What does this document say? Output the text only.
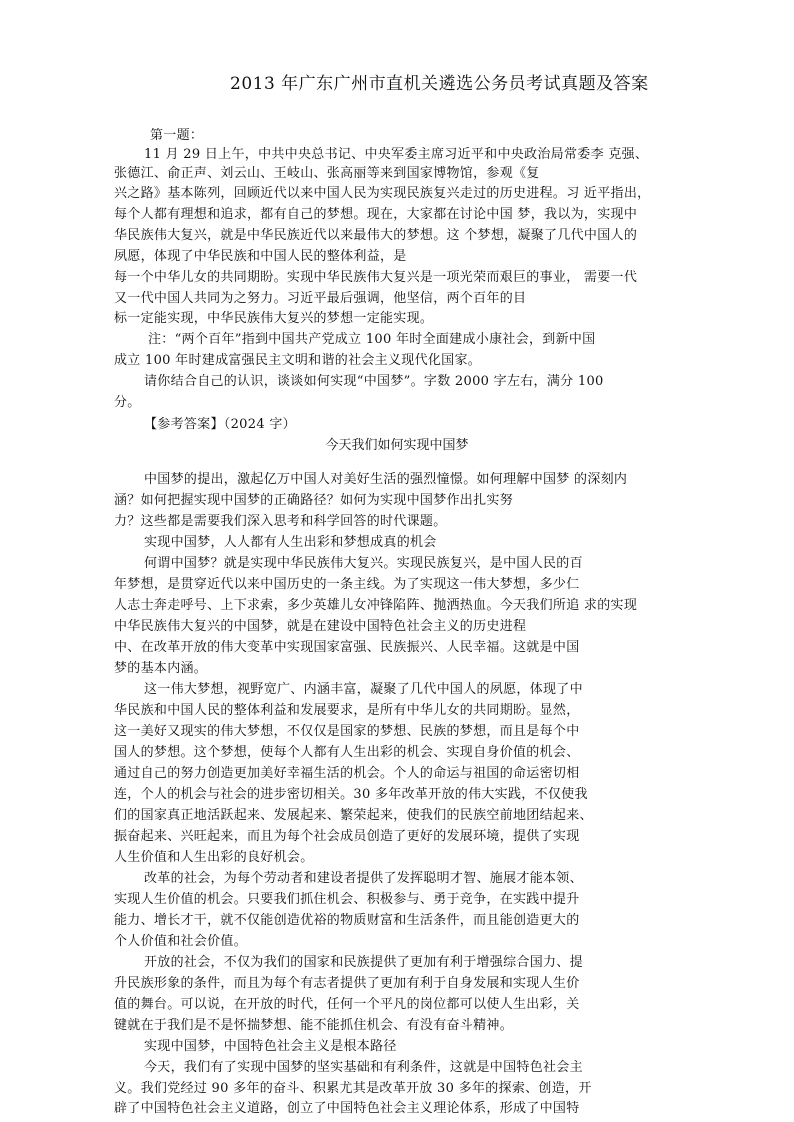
2013 年广东广州市直机关遴选公务员考试真题及答案
第一题：
11 月 29 日上午，中共中央总书记、中央军委主席习近平和中央政治局常委李 克强、
张德江、俞正声、刘云山、王岐山、张高丽等来到国家博物馆，参观《复
兴之路》基本陈列，回顾近代以来中国人民为实现民族复兴走过的历史进程。习 近平指出，
每个人都有理想和追求，都有自己的梦想。现在，大家都在讨论中国 梦，我以为，实现中
华民族伟大复兴，就是中华民族近代以来最伟大的梦想。这 个梦想，凝聚了几代中国人的
夙愿，体现了中华民族和中国人民的整体利益，是
每一个中华儿女的共同期盼。实现中华民族伟大复兴是一项光荣而艰巨的事业， 需要一代
又一代中国人共同为之努力。习近平最后强调，他坚信，两个百年的目
标一定能实现，中华民族伟大复兴的梦想一定能实现。
注：“两个百年”指到中国共产党成立 100 年时全面建成小康社会，到新中国
成立 100 年时建成富强民主文明和谐的社会主义现代化国家。
请你结合自己的认识，谈谈如何实现“中国梦”。字数 2000 字左右，满分 100
分。
【参考答案】（2024 字）
今天我们如何实现中国梦
中国梦的提出，激起亿万中国人对美好生活的强烈憧憬。如何理解中国梦 的深刻内
涵？如何把握实现中国梦的正确路径？如何为实现中国梦作出扎实努
力？这些都是需要我们深入思考和科学回答的时代课题。
实现中国梦，人人都有人生出彩和梦想成真的机会
何谓中国梦？就是实现中华民族伟大复兴。实现民族复兴，是中国人民的百
年梦想，是贯穿近代以来中国历史的一条主线。为了实现这一伟大梦想，多少仁
人志士奔走呼号、上下求索，多少英雄儿女冲锋陷阵、抛洒热血。今天我们所追 求的实现
中华民族伟大复兴的中国梦，就是在建设中国特色社会主义的历史进程
中、在改革开放的伟大变革中实现国家富强、民族振兴、人民幸福。这就是中国
梦的基本内涵。
这一伟大梦想，视野宽广、内涵丰富，凝聚了几代中国人的夙愿，体现了中
华民族和中国人民的整体利益和发展要求，是所有中华儿女的共同期盼。显然，
这一美好又现实的伟大梦想，不仅仅是国家的梦想、民族的梦想，而且是每个中
国人的梦想。这个梦想，使每个人都有人生出彩的机会、实现自身价值的机会、
通过自己的努力创造更加美好幸福生活的机会。个人的命运与祖国的命运密切相
连，个人的机会与社会的进步密切相关。30 多年改革开放的伟大实践，不仅使我
们的国家真正地活跃起来、发展起来、繁荣起来，使我们的民族空前地团结起来、
振奋起来、兴旺起来，而且为每个社会成员创造了更好的发展环境，提供了实现
人生价值和人生出彩的良好机会。
改革的社会，为每个劳动者和建设者提供了发挥聪明才智、施展才能本领、
实现人生价值的机会。只要我们抓住机会、积极参与、勇于竞争，在实践中提升
能力、增长才干，就不仅能创造优裕的物质财富和生活条件，而且能创造更大的
个人价值和社会价值。
开放的社会，不仅为我们的国家和民族提供了更加有利于增强综合国力、提
升民族形象的条件，而且为每个有志者提供了更加有利于自身发展和实现人生价
值的舞台。可以说，在开放的时代，任何一个平凡的岗位都可以使人生出彩，关
键就在于我们是不是怀揣梦想、能不能抓住机会、有没有奋斗精神。
实现中国梦，中国特色社会主义是根本路径
今天，我们有了实现中国梦的坚实基础和有利条件，这就是中国特色社会主
义。我们党经过 90 多年的奋斗、积累尤其是改革开放 30 多年的探索、创造，开
辟了中国特色社会主义道路，创立了中国特色社会主义理论体系，形成了中国特
